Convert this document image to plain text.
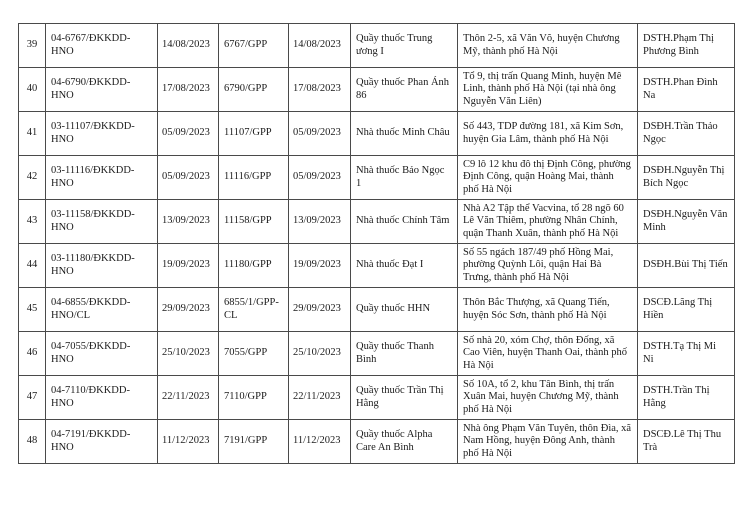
39	04-6767/ĐKKDD-HNO	14/08/2023	6767/GPP	14/08/2023	Quầy thuốc Trung ương I	Thôn 2-5, xã Văn Võ, huyện Chương Mỹ, thành phố Hà Nội	DSTH.Phạm Thị Phương Bình
40	04-6790/ĐKKDD-HNO	17/08/2023	6790/GPP	17/08/2023	Quầy thuốc Phan Ánh 86	Tổ 9, thị trấn Quang Minh, huyện Mê Linh, thành phố Hà Nội (tại nhà ông Nguyễn Văn Liên)	DSTH.Phan Đình Na
41	03-11107/ĐKKDD-HNO	05/09/2023	11107/GPP	05/09/2023	Nhà thuốc Minh Châu	Số 443, TDP đường 181, xã Kim Sơn, huyện Gia Lâm, thành phố Hà Nội	DSĐH.Trần Thảo Ngọc
42	03-11116/ĐKKDD-HNO	05/09/2023	11116/GPP	05/09/2023	Nhà thuốc Bảo Ngọc 1	C9 lô 12 khu đô thị Định Công, phường Định Công, quận Hoàng Mai, thành phố Hà Nội	DSĐH.Nguyễn Thị Bích Ngọc
43	03-11158/ĐKKDD-HNO	13/09/2023	11158/GPP	13/09/2023	Nhà thuốc Chính Tâm	Nhà A2 Tập thể Vacvina, tổ 28 ngõ 60 Lê Văn Thiêm, phường Nhân Chính, quận Thanh Xuân, thành phố Hà Nội	DSĐH.Nguyễn Văn Minh
44	03-11180/ĐKKDD-HNO	19/09/2023	11180/GPP	19/09/2023	Nhà thuốc Đạt I	Số 55 ngách 187/49 phố Hồng Mai, phường Quỳnh Lôi, quận Hai Bà Trưng, thành phố Hà Nội	DSĐH.Bùi Thị Tiến
45	04-6855/ĐKKDD-HNO/CL	29/09/2023	6855/1/GPP-CL	29/09/2023	Quầy thuốc HHN	Thôn Bắc Thượng, xã Quang Tiến, huyện Sóc Sơn, thành phố Hà Nội	DSCĐ.Lãng Thị Hiền
46	04-7055/ĐKKDD-HNO	25/10/2023	7055/GPP	25/10/2023	Quầy thuốc Thanh Bình	Số nhà 20, xóm Chợ, thôn Đống, xã Cao Viên, huyện Thanh Oai, thành phố Hà Nội	DSTH.Tạ Thị Mi Ni
47	04-7110/ĐKKDD-HNO	22/11/2023	7110/GPP	22/11/2023	Quầy thuốc Trần Thị Hằng	Số 10A, tổ 2, khu Tân Bình, thị trấn Xuân Mai, huyện Chương Mỹ, thành phố Hà Nội	DSTH.Trần Thị Hằng
48	04-7191/ĐKKDD-HNO	11/12/2023	7191/GPP	11/12/2023	Quầy thuốc Alpha Care An Bình	Nhà ông Phạm Văn Tuyên, thôn Đìa, xã Nam Hồng, huyện Đông Anh, thành phố Hà Nội	DSCĐ.Lê Thị Thu Trà
